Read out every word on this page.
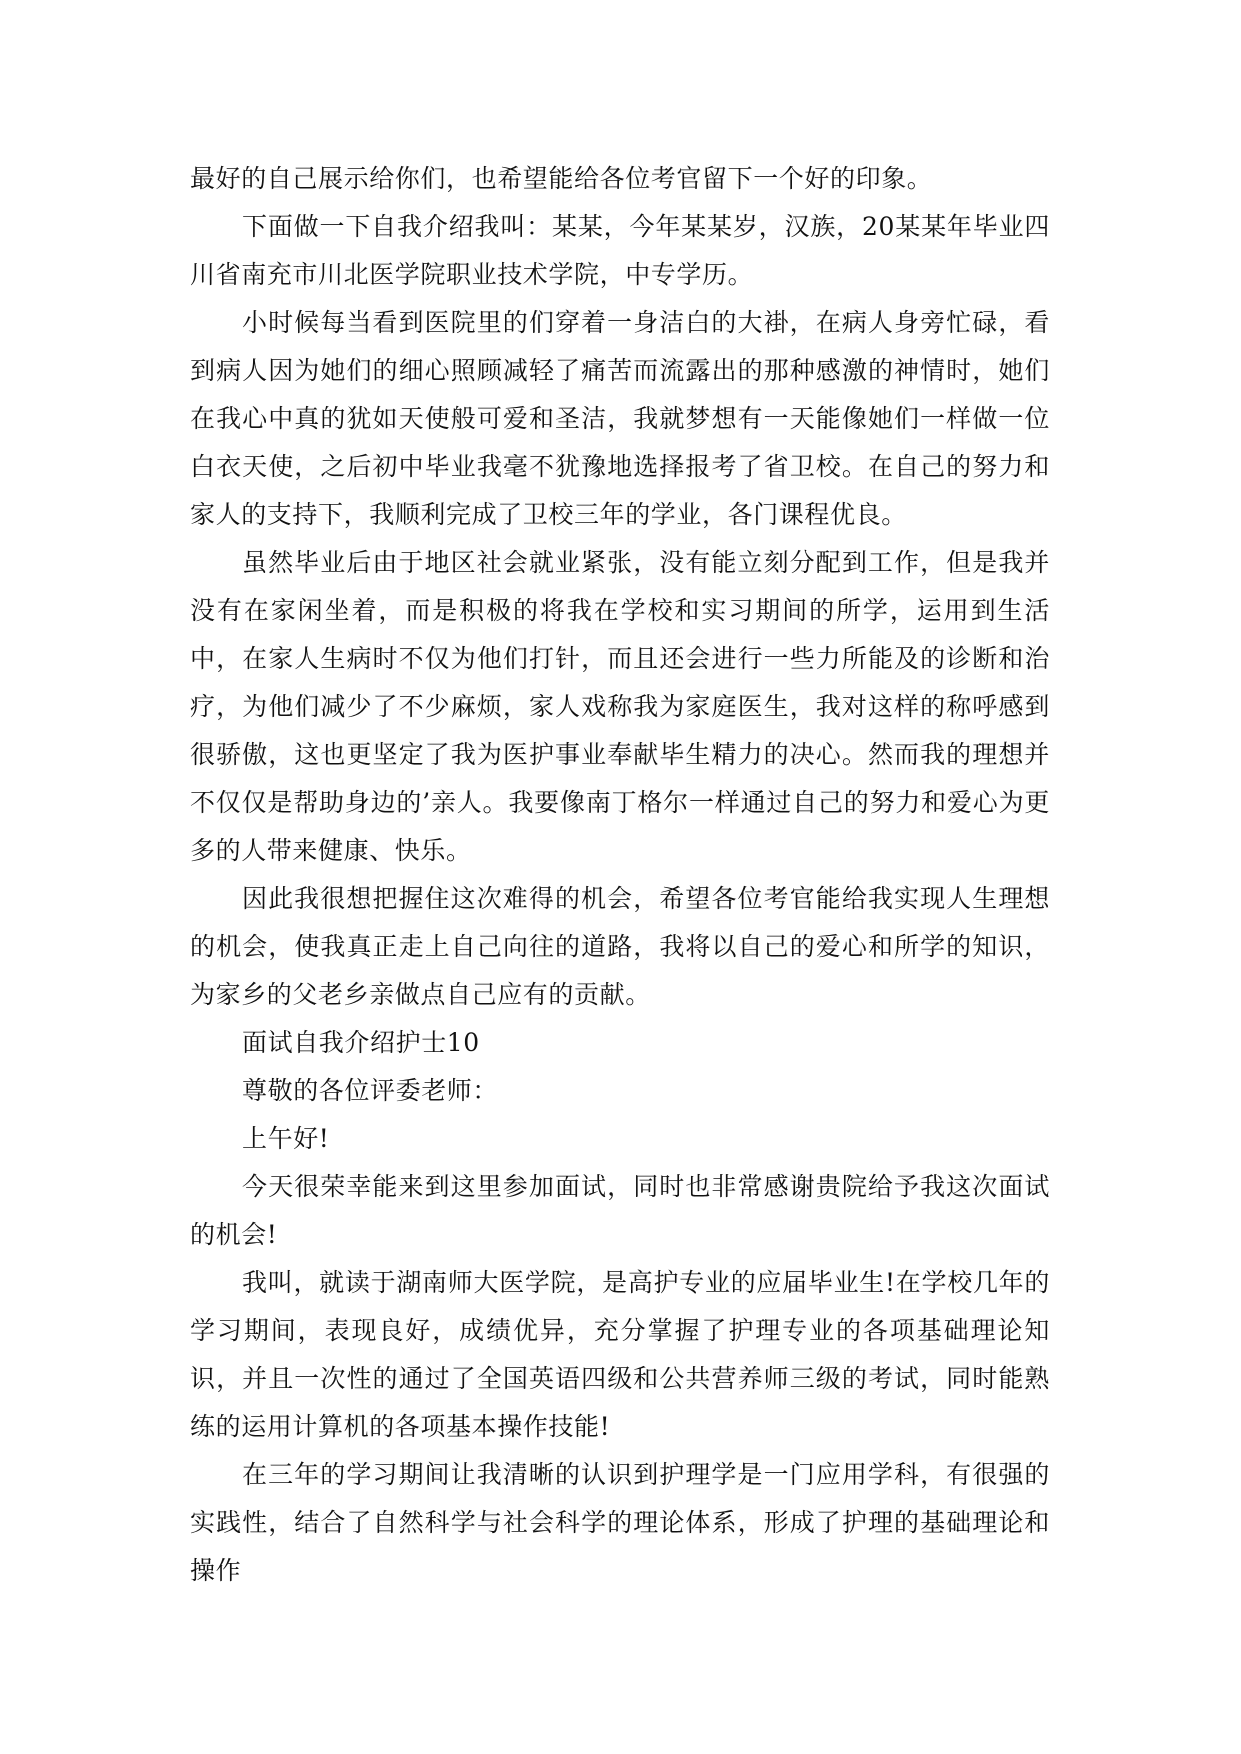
最好的自己展示给你们，也希望能给各位考官留下一个好的印象。

下面做一下自我介绍我叫：某某，今年某某岁，汉族，20某某年毕业四川省南充市川北医学院职业技术学院，中专学历。

小时候每当看到医院里的们穿着一身洁白的大褂，在病人身旁忙碌，看到病人因为她们的细心照顾减轻了痛苦而流露出的那种感激的神情时，她们在我心中真的犹如天使般可爱和圣洁，我就梦想有一天能像她们一样做一位白衣天使，之后初中毕业我毫不犹豫地选择报考了省卫校。在自己的努力和家人的支持下，我顺利完成了卫校三年的学业，各门课程优良。

虽然毕业后由于地区社会就业紧张，没有能立刻分配到工作，但是我并没有在家闲坐着，而是积极的将我在学校和实习期间的所学，运用到生活中，在家人生病时不仅为他们打针，而且还会进行一些力所能及的诊断和治疗，为他们减少了不少麻烦，家人戏称我为家庭医生，我对这样的称呼感到很骄傲，这也更坚定了我为医护事业奉献毕生精力的决心。然而我的理想并不仅仅是帮助身边的’亲人。我要像南丁格尔一样通过自己的努力和爱心为更多的人带来健康、快乐。

因此我很想把握住这次难得的机会，希望各位考官能给我实现人生理想的机会，使我真正走上自己向往的道路，我将以自己的爱心和所学的知识，为家乡的父老乡亲做点自己应有的贡献。

面试自我介绍护士10

尊敬的各位评委老师：

上午好!

今天很荣幸能来到这里参加面试，同时也非常感谢贵院给予我这次面试的机会!

我叫，就读于湖南师大医学院，是高护专业的应届毕业生!在学校几年的学习期间，表现良好，成绩优异，充分掌握了护理专业的各项基础理论知识，并且一次性的通过了全国英语四级和公共营养师三级的考试，同时能熟练的运用计算机的各项基本操作技能!

在三年的学习期间让我清晰的认识到护理学是一门应用学科，有很强的实践性，结合了自然科学与社会科学的理论体系，形成了护理的基础理论和操作
